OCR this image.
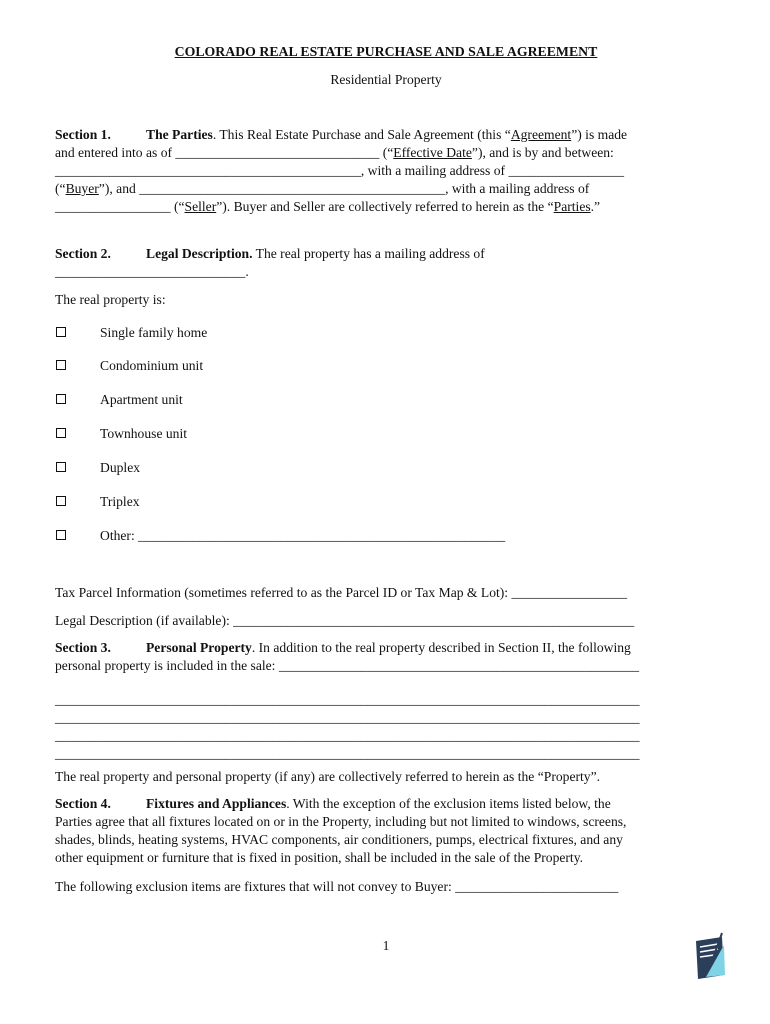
COLORADO REAL ESTATE PURCHASE AND SALE AGREEMENT
Residential Property
Section 1.	The Parties. This Real Estate Purchase and Sale Agreement (this “Agreement”) is made
and entered into as of ______________________________ (“Effective Date”), and is by and between:
_____________________________________________, with a mailing address of _________________
(“Buyer”), and _____________________________________________, with a mailing address of
_________________ (“Seller”). Buyer and Seller are collectively referred to herein as the “Parties.”
Section 2.	Legal Description. The real property has a mailing address of
____________________________.
The real property is:
Single family home
Condominium unit
Apartment unit
Townhouse unit
Duplex
Triplex
Other: ______________________________________________________
Tax Parcel Information (sometimes referred to as the Parcel ID or Tax Map & Lot): _________________
Legal Description (if available): ___________________________________________________________
Section 3.	Personal Property. In addition to the real property described in Section II, the following
personal property is included in the sale: _____________________________________________________
______________________________________________________________________________________
______________________________________________________________________________________
______________________________________________________________________________________
______________________________________________________________________________________
The real property and personal property (if any) are collectively referred to herein as the “Property”.
Section 4.	Fixtures and Appliances. With the exception of the exclusion items listed below, the
Parties agree that all fixtures located on or in the Property, including but not limited to windows, screens,
shades, blinds, heating systems, HVAC components, air conditioners, pumps, electrical fixtures, and any
other equipment or furniture that is fixed in position, shall be included in the sale of the Property.
The following exclusion items are fixtures that will not convey to Buyer: ________________________
1
